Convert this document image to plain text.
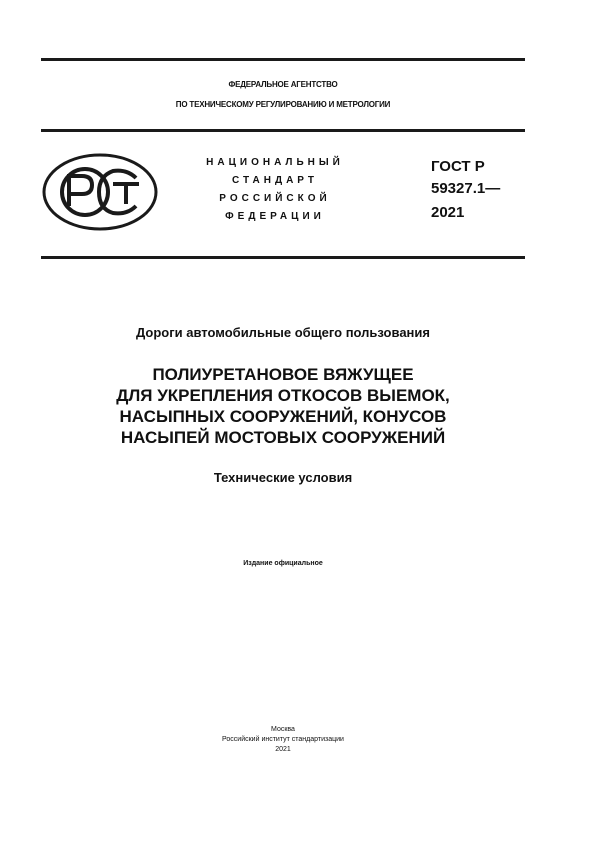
ФЕДЕРАЛЬНОЕ АГЕНТСТВО
ПО ТЕХНИЧЕСКОМУ РЕГУЛИРОВАНИЮ И МЕТРОЛОГИИ
НАЦИОНАЛЬНЫЙ
СТАНДАРТ
РОССИЙСКОЙ
ФЕДЕРАЦИИ
ГОСТ Р
59327.1—
2021
Дороги автомобильные общего пользования
ПОЛИУРЕТАНОВОЕ ВЯЖУЩЕЕ
ДЛЯ УКРЕПЛЕНИЯ ОТКОСОВ ВЫЕМОК,
НАСЫПНЫХ СООРУЖЕНИЙ, КОНУСОВ
НАСЫПЕЙ МОСТОВЫХ СООРУЖЕНИЙ
Технические условия
Издание официальное
Москва
Российский институт стандартизации
2021
